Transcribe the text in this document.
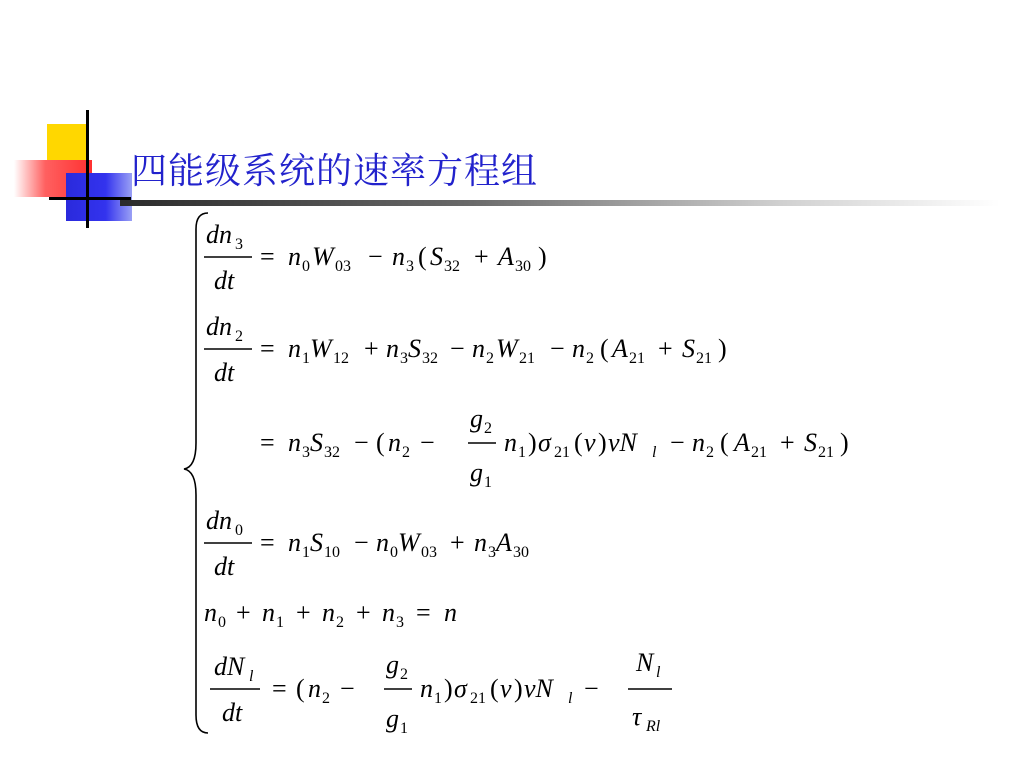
四能级系统的速率方程组
dn 3
dt
= n 0 W 03 − n 3 ( S 32 + A 30 )
dn 2
dt
= n 1 W 12 + n 3 S 32 − n 2 W 21 − n 2 ( A 21 + S 21 )
= n 3 S 32 − ( n 2 −
g 2
g 1
n 1 ) σ 21 ( ν ) vN l − n 2 ( A 21 + S 21 )
dn 0
dt
= n 1 S 10 − n 0 W 03 + n 3 A 30
n 0 + n 1 + n 2 + n 3 = n
dN l
dt
= ( n 2 −
g 2
g 1
n 1 ) σ 21 ( ν ) vN l −
N l
τ Rl
